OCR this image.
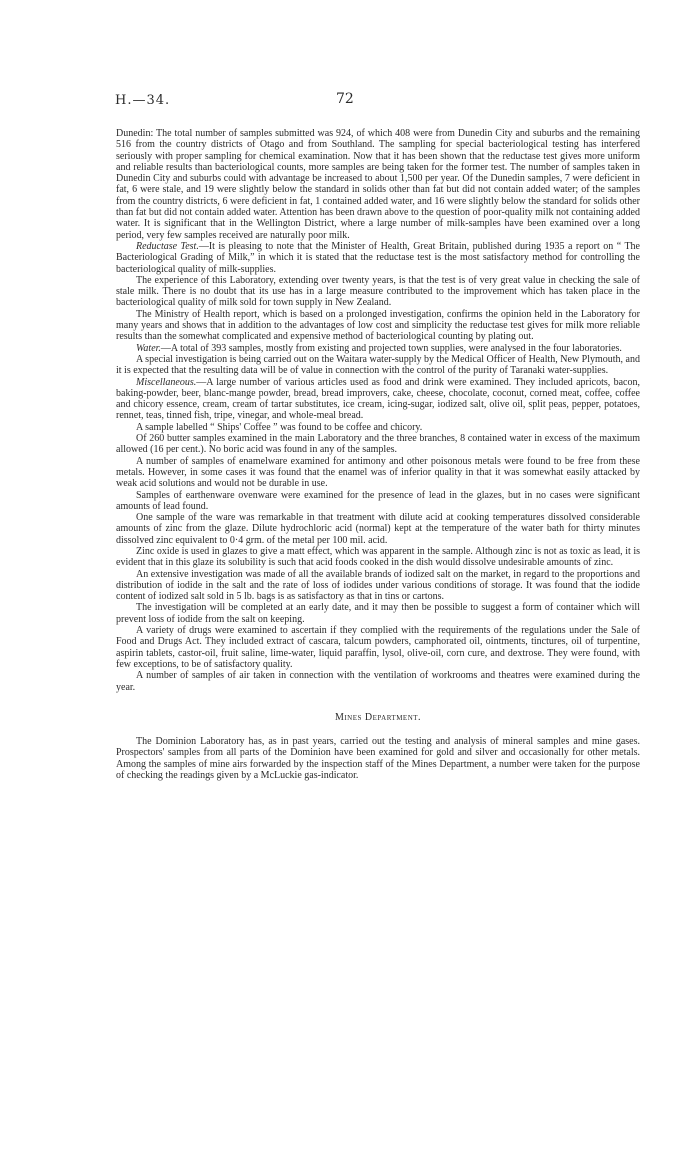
H.—34.	72

Dunedin: The total number of samples submitted was 924, of which 408 were from Dunedin City and suburbs and the remaining 516 from the country districts of Otago and from Southland. The sampling for special bacteriological testing has interfered seriously with proper sampling for chemical examination. Now that it has been shown that the reductase test gives more uniform and reliable results than bacteriological counts, more samples are being taken for the former test. The number of samples taken in Dunedin City and suburbs could with advantage be increased to about 1,500 per year. Of the Dunedin samples, 7 were deficient in fat, 6 were stale, and 19 were slightly below the standard in solids other than fat but did not contain added water; of the samples from the country districts, 6 were deficient in fat, 1 contained added water, and 16 were slightly below the standard for solids other than fat but did not contain added water. Attention has been drawn above to the question of poor-quality milk not containing added water. It is significant that in the Wellington District, where a large number of milk-samples have been examined over a long period, very few samples received are naturally poor milk.

Reductase Test.—It is pleasing to note that the Minister of Health, Great Britain, published during 1935 a report on “ The Bacteriological Grading of Milk,” in which it is stated that the reductase test is the most satisfactory method for controlling the bacteriological quality of milk-supplies.

The experience of this Laboratory, extending over twenty years, is that the test is of very great value in checking the sale of stale milk. There is no doubt that its use has in a large measure contributed to the improvement which has taken place in the bacteriological quality of milk sold for town supply in New Zealand.

The Ministry of Health report, which is based on a prolonged investigation, confirms the opinion held in the Laboratory for many years and shows that in addition to the advantages of low cost and simplicity the reductase test gives for milk more reliable results than the somewhat complicated and expensive method of bacteriological counting by plating out.

Water.—A total of 393 samples, mostly from existing and projected town supplies, were analysed in the four laboratories.

A special investigation is being carried out on the Waitara water-supply by the Medical Officer of Health, New Plymouth, and it is expected that the resulting data will be of value in connection with the control of the purity of Taranaki water-supplies.

Miscellaneous.—A large number of various articles used as food and drink were examined. They included apricots, bacon, baking-powder, beer, blanc-mange powder, bread, bread improvers, cake, cheese, chocolate, coconut, corned meat, coffee, coffee and chicory essence, cream, cream of tartar substitutes, ice cream, icing-sugar, iodized salt, olive oil, split peas, pepper, potatoes, rennet, teas, tinned fish, tripe, vinegar, and whole-meal bread.

A sample labelled “ Ships' Coffee ” was found to be coffee and chicory.

Of 260 butter samples examined in the main Laboratory and the three branches, 8 contained water in excess of the maximum allowed (16 per cent.). No boric acid was found in any of the samples.

A number of samples of enamelware examined for antimony and other poisonous metals were found to be free from these metals. However, in some cases it was found that the enamel was of inferior quality in that it was somewhat easily attacked by weak acid solutions and would not be durable in use.

Samples of earthenware ovenware were examined for the presence of lead in the glazes, but in no cases were significant amounts of lead found.

One sample of the ware was remarkable in that treatment with dilute acid at cooking temperatures dissolved considerable amounts of zinc from the glaze. Dilute hydrochloric acid (normal) kept at the temperature of the water bath for thirty minutes dissolved zinc equivalent to 0·4 grm. of the metal per 100 mil. acid.

Zinc oxide is used in glazes to give a matt effect, which was apparent in the sample. Although zinc is not as toxic as lead, it is evident that in this glaze its solubility is such that acid foods cooked in the dish would dissolve undesirable amounts of zinc.

An extensive investigation was made of all the available brands of iodized salt on the market, in regard to the proportions and distribution of iodide in the salt and the rate of loss of iodides under various conditions of storage. It was found that the iodide content of iodized salt sold in 5 lb. bags is as satisfactory as that in tins or cartons.

The investigation will be completed at an early date, and it may then be possible to suggest a form of container which will prevent loss of iodide from the salt on keeping.

A variety of drugs were examined to ascertain if they complied with the requirements of the regulations under the Sale of Food and Drugs Act. They included extract of cascara, talcum powders, camphorated oil, ointments, tinctures, oil of turpentine, aspirin tablets, castor-oil, fruit saline, lime-water, liquid paraffin, lysol, olive-oil, corn cure, and dextrose. They were found, with few exceptions, to be of satisfactory quality.

A number of samples of air taken in connection with the ventilation of workrooms and theatres were examined during the year.

Mines Department.

The Dominion Laboratory has, as in past years, carried out the testing and analysis of mineral samples and mine gases. Prospectors' samples from all parts of the Dominion have been examined for gold and silver and occasionally for other metals. Among the samples of mine airs forwarded by the inspection staff of the Mines Department, a number were taken for the purpose of checking the readings given by a McLuckie gas-indicator.
